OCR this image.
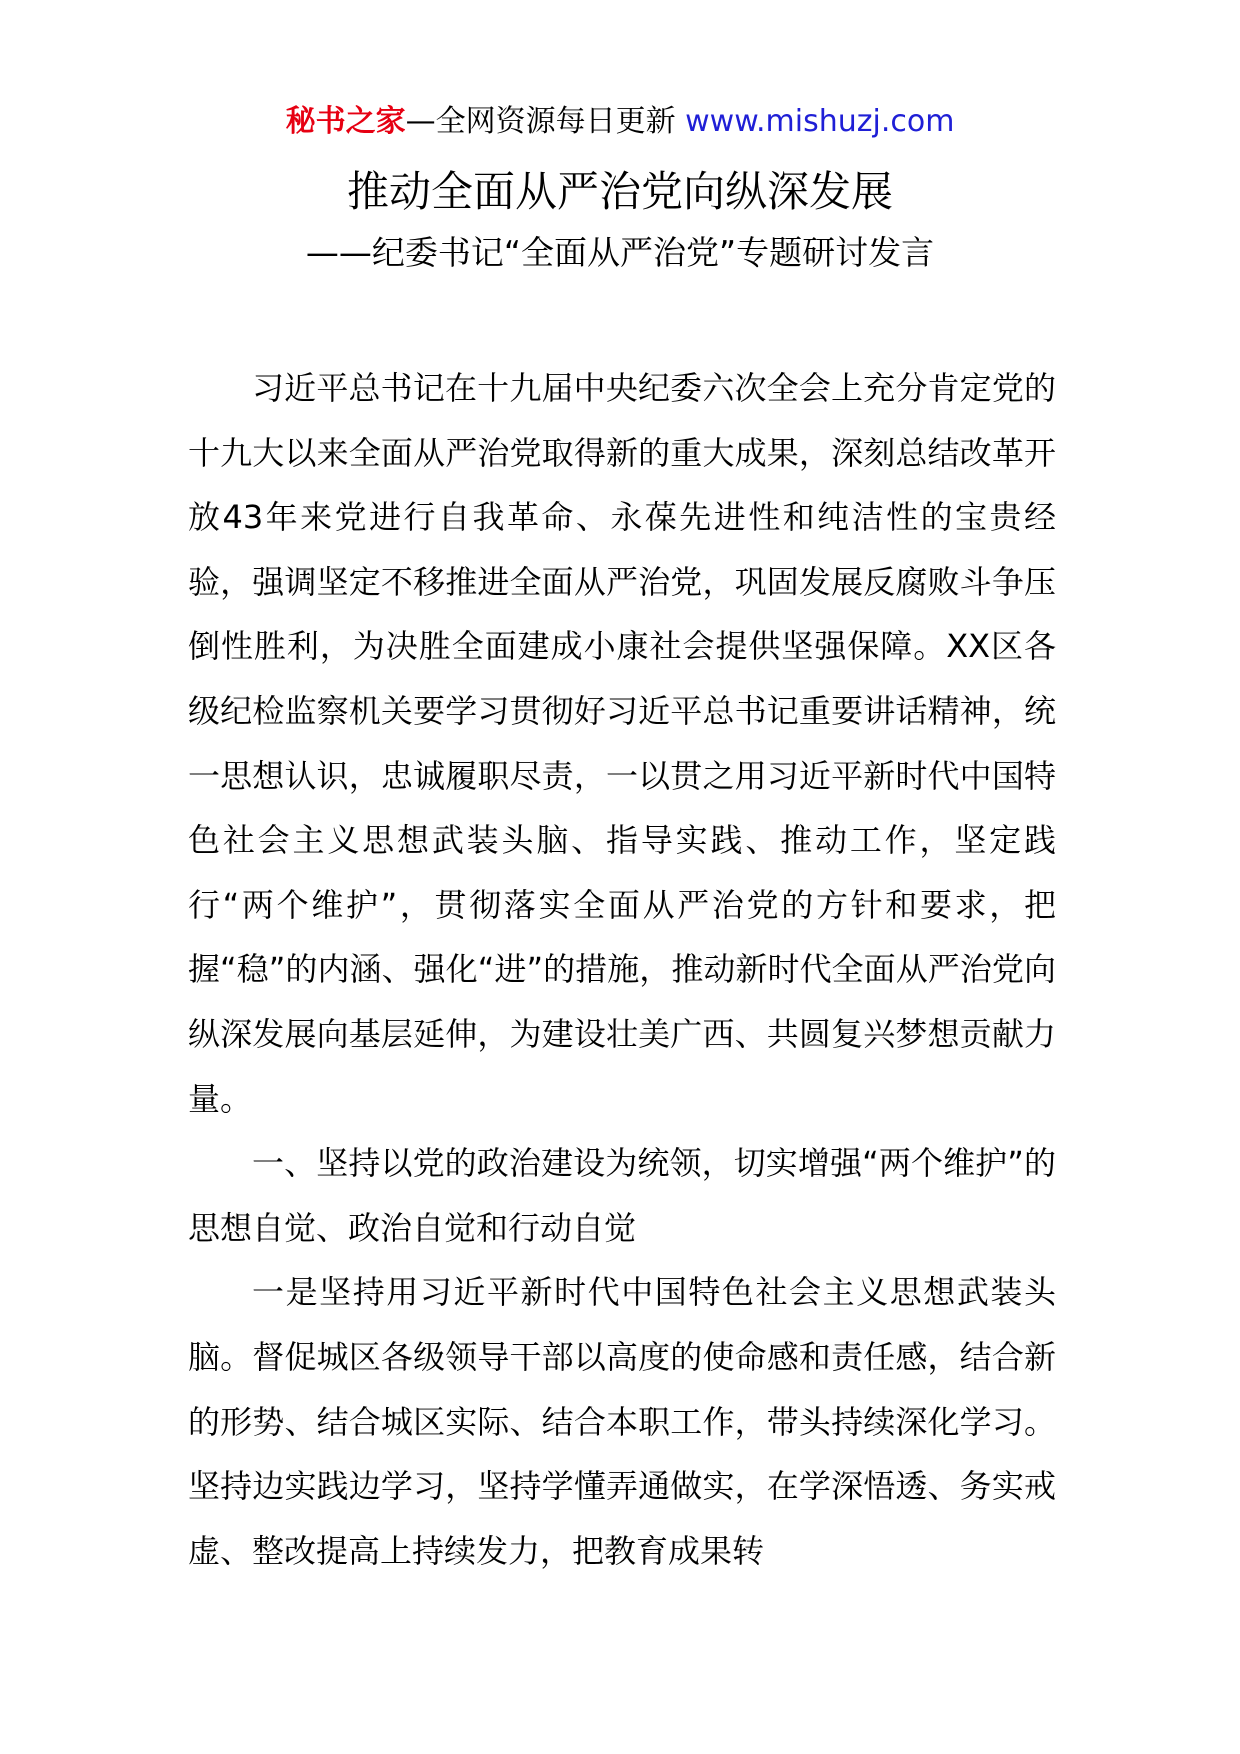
秘书之家—全网资源每日更新 www.mishuzj.com
推动全面从严治党向纵深发展
——纪委书记“全面从严治党”专题研讨发言

习近平总书记在十九届中央纪委六次全会上充分肯定党的十九大以来全面从严治党取得新的重大成果，深刻总结改革开放43年来党进行自我革命、永葆先进性和纯洁性的宝贵经验，强调坚定不移推进全面从严治党，巩固发展反腐败斗争压倒性胜利，为决胜全面建成小康社会提供坚强保障。XX区各级纪检监察机关要学习贯彻好习近平总书记重要讲话精神，统一思想认识，忠诚履职尽责，一以贯之用习近平新时代中国特色社会主义思想武装头脑、指导实践、推动工作，坚定践行“两个维护”，贯彻落实全面从严治党的方针和要求，把握“稳”的内涵、强化“进”的措施，推动新时代全面从严治党向纵深发展向基层延伸，为建设壮美广西、共圆复兴梦想贡献力量。

一、坚持以党的政治建设为统领，切实增强“两个维护”的思想自觉、政治自觉和行动自觉

一是坚持用习近平新时代中国特色社会主义思想武装头脑。督促城区各级领导干部以高度的使命感和责任感，结合新的形势、结合城区实际、结合本职工作，带头持续深化学习。坚持边实践边学习，坚持学懂弄通做实，在学深悟透、务实戒虚、整改提高上持续发力，把教育成果转
